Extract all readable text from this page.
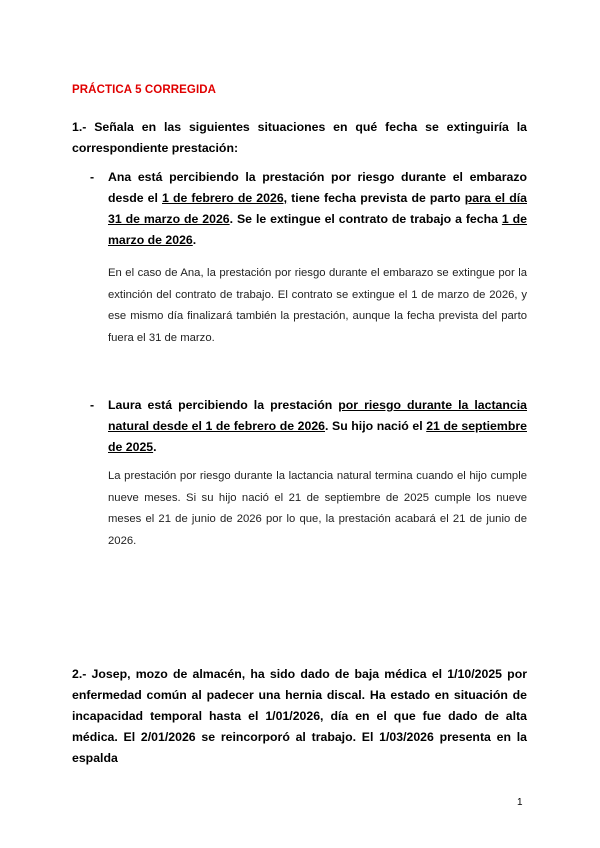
PRÁCTICA 5 CORREGIDA
1.- Señala en las siguientes situaciones en qué fecha se extinguiría la correspondiente prestación:
- Ana está percibiendo la prestación por riesgo durante el embarazo desde el 1 de febrero de 2026, tiene fecha prevista de parto para el día 31 de marzo de 2026. Se le extingue el contrato de trabajo a fecha 1 de marzo de 2026.
En el caso de Ana, la prestación por riesgo durante el embarazo se extingue por la extinción del contrato de trabajo. El contrato se extingue el 1 de marzo de 2026, y ese mismo día finalizará también la prestación, aunque la fecha prevista del parto fuera el 31 de marzo.
- Laura está percibiendo la prestación por riesgo durante la lactancia natural desde el 1 de febrero de 2026. Su hijo nació el 21 de septiembre de 2025.
La prestación por riesgo durante la lactancia natural termina cuando el hijo cumple nueve meses. Si su hijo nació el 21 de septiembre de 2025 cumple los nueve meses el 21 de junio de 2026 por lo que, la prestación acabará el 21 de junio de 2026.
2.- Josep, mozo de almacén, ha sido dado de baja médica el 1/10/2025 por enfermedad común al padecer una hernia discal. Ha estado en situación de incapacidad temporal hasta el 1/01/2026, día en el que fue dado de alta médica. El 2/01/2026 se reincorporó al trabajo. El 1/03/2026 presenta en la espalda
1
